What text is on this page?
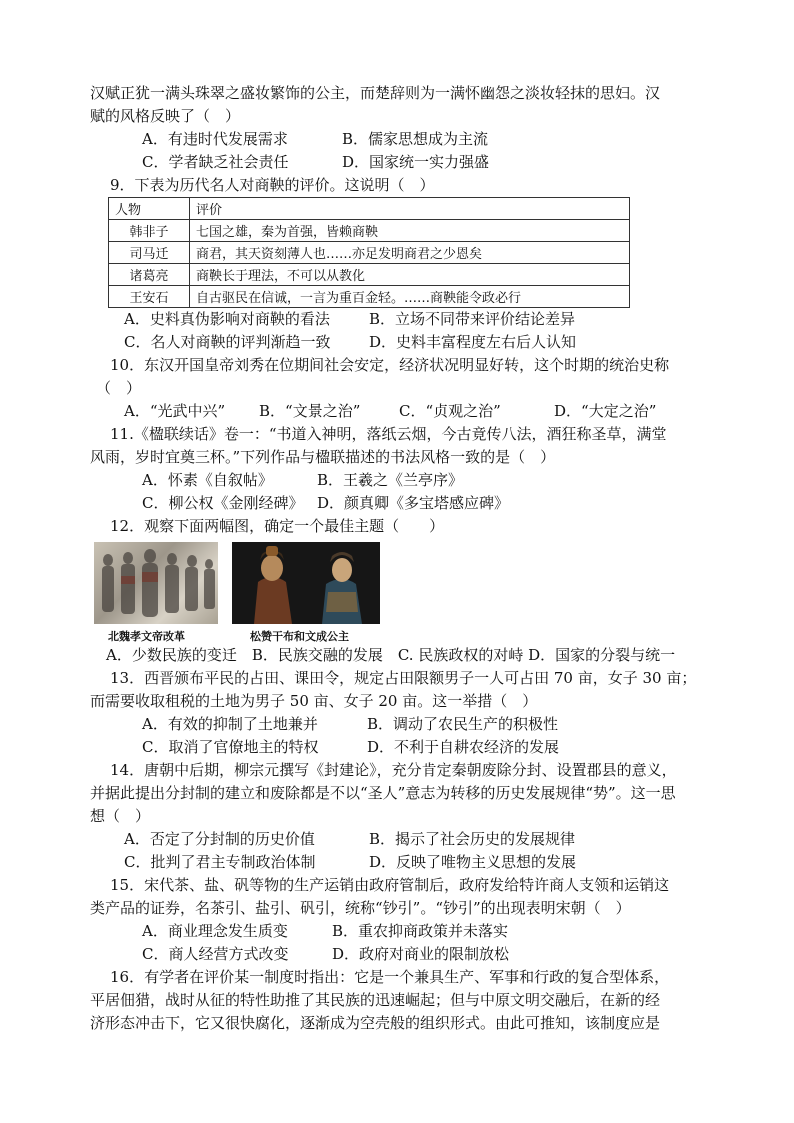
汉赋正犹一满头珠翠之盛妆繁饰的公主，而楚辞则为一满怀幽怨之淡妆轻抹的思妇。汉
赋的风格反映了（　）
A．有违时代发展需求	B．儒家思想成为主流
C．学者缺乏社会责任	D．国家统一实力强盛
9．下表为历代名人对商鞅的评价。这说明（　）
人物	评价
韩非子	七国之雄，秦为首强，皆赖商鞅
司马迁	商君，其天资刻薄人也……亦足发明商君之少恩矣
诸葛亮	商鞅长于理法，不可以从教化
王安石	自古驱民在信诚，一言为重百金轻。……商鞅能令政必行
A．史料真伪影响对商鞅的看法	B．立场不同带来评价结论差异
C．名人对商鞅的评判渐趋一致	D．史料丰富程度左右后人认知
10．东汉开国皇帝刘秀在位期间社会安定，经济状况明显好转，这个时期的统治史称
（　）
A．“光武中兴” B．“文景之治”	C．“贞观之治”	D．“大定之治”
11.《楹联续话》卷一：“书道入神明，落纸云烟，今古竟传八法，酒狂称圣草，满堂
风雨，岁时宜奠三杯。”下列作品与楹联描述的书法风格一致的是（　）
A．怀素《自叙帖》	B．王羲之《兰亭序》
C．柳公权《金刚经碑》 D．颜真卿《多宝塔感应碑》
12．观察下面两幅图，确定一个最佳主题（　　）
北魏孝文帝改革	松赞干布和文成公主
A．少数民族的变迁　B．民族交融的发展　C. 民族政权的对峙 D．国家的分裂与统一
13．西晋颁布平民的占田、课田令，规定占田限额男子一人可占田 70 亩，女子 30 亩；
而需要收取租税的土地为男子 50 亩、女子 20 亩。这一举措（　）
A．有效的抑制了土地兼并	B．调动了农民生产的积极性
C．取消了官僚地主的特权	D．不利于自耕农经济的发展
14．唐朝中后期，柳宗元撰写《封建论》，充分肯定秦朝废除分封、设置郡县的意义，
并据此提出分封制的建立和废除都是不以“圣人”意志为转移的历史发展规律“势”。这一思
想（　）
A．否定了分封制的历史价值	B．揭示了社会历史的发展规律
C．批判了君主专制政治体制	D．反映了唯物主义思想的发展
15．宋代茶、盐、矾等物的生产运销由政府管制后，政府发给特许商人支领和运销这
类产品的证券，名茶引、盐引、矾引，统称“钞引”。“钞引”的出现表明宋朝（　）
A．商业理念发生质变	B．重农抑商政策并未落实
C．商人经营方式改变	D．政府对商业的限制放松
16．有学者在评价某一制度时指出：它是一个兼具生产、军事和行政的复合型体系，
平居佃猎，战时从征的特性助推了其民族的迅速崛起；但与中原文明交融后，在新的经
济形态冲击下，它又很快腐化，逐渐成为空壳般的组织形式。由此可推知，该制度应是
